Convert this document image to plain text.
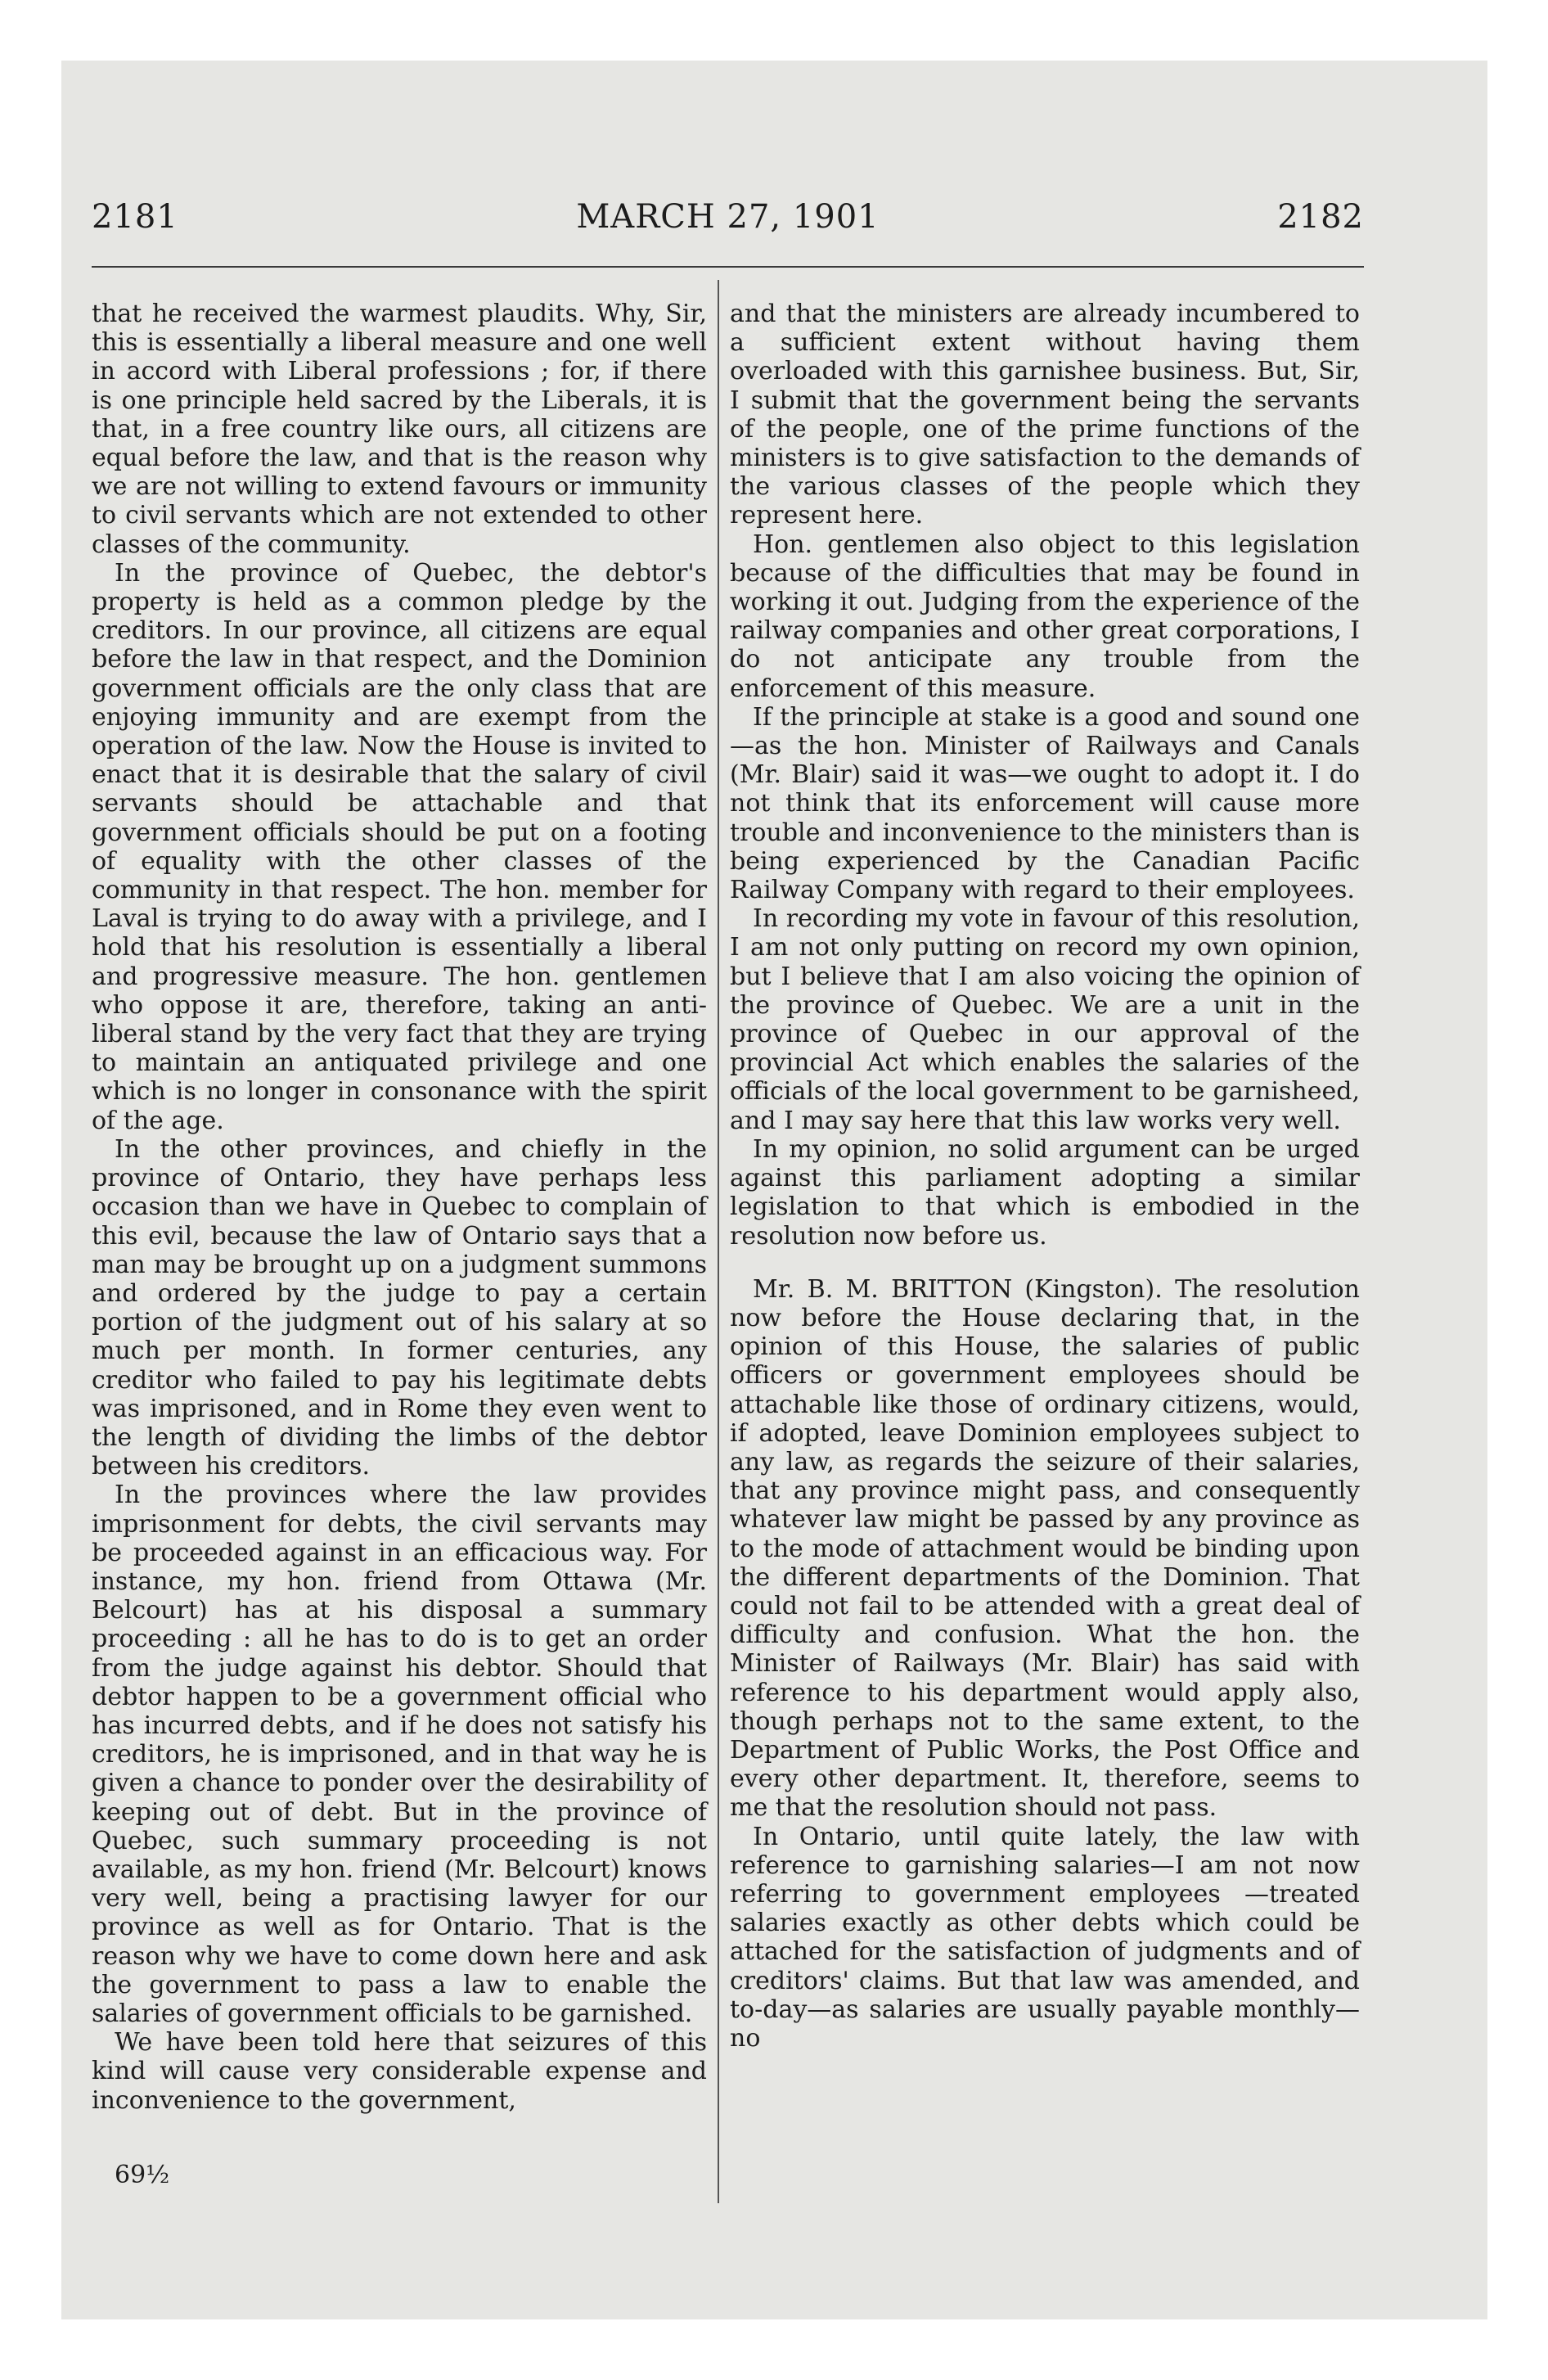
2181	MARCH 27, 1901	2182

that he received the warmest plaudits. Why, Sir, this is essentially a liberal measure and one well in accord with Liberal professions ; for, if there is one principle held sacred by the Liberals, it is that, in a free country like ours, all citizens are equal before the law, and that is the reason why we are not willing to extend favours or immunity to civil servants which are not extended to other classes of the community.

In the province of Quebec, the debtor's property is held as a common pledge by the creditors. In our province, all citizens are equal before the law in that respect, and the Dominion government officials are the only class that are enjoying immunity and are exempt from the operation of the law. Now the House is invited to enact that it is desirable that the salary of civil servants should be attachable and that government officials should be put on a footing of equality with the other classes of the community in that respect. The hon. member for Laval is trying to do away with a privilege, and I hold that his resolution is essentially a liberal and progressive measure. The hon. gentlemen who oppose it are, therefore, taking an anti-liberal stand by the very fact that they are trying to maintain an antiquated privilege and one which is no longer in consonance with the spirit of the age.

In the other provinces, and chiefly in the province of Ontario, they have perhaps less occasion than we have in Quebec to complain of this evil, because the law of Ontario says that a man may be brought up on a judgment summons and ordered by the judge to pay a certain portion of the judgment out of his salary at so much per month. In former centuries, any creditor who failed to pay his legitimate debts was imprisoned, and in Rome they even went to the length of dividing the limbs of the debtor between his creditors.

In the provinces where the law provides imprisonment for debts, the civil servants may be proceeded against in an efficacious way. For instance, my hon. friend from Ottawa (Mr. Belcourt) has at his disposal a summary proceeding : all he has to do is to get an order from the judge against his debtor. Should that debtor happen to be a government official who has incurred debts, and if he does not satisfy his creditors, he is imprisoned, and in that way he is given a chance to ponder over the desirability of keeping out of debt. But in the province of Quebec, such summary proceeding is not available, as my hon. friend (Mr. Belcourt) knows very well, being a practising lawyer for our province as well as for Ontario. That is the reason why we have to come down here and ask the government to pass a law to enable the salaries of government officials to be garnished.

We have been told here that seizures of this kind will cause very considerable expense and inconvenience to the government,

and that the ministers are already incumbered to a sufficient extent without having them overloaded with this garnishee business. But, Sir, I submit that the government being the servants of the people, one of the prime functions of the ministers is to give satisfaction to the demands of the various classes of the people which they represent here.

Hon. gentlemen also object to this legislation because of the difficulties that may be found in working it out. Judging from the experience of the railway companies and other great corporations, I do not anticipate any trouble from the enforcement of this measure.

If the principle at stake is a good and sound one—as the hon. Minister of Railways and Canals (Mr. Blair) said it was—we ought to adopt it. I do not think that its enforcement will cause more trouble and inconvenience to the ministers than is being experienced by the Canadian Pacific Railway Company with regard to their employees.

In recording my vote in favour of this resolution, I am not only putting on record my own opinion, but I believe that I am also voicing the opinion of the province of Quebec. We are a unit in the province of Quebec in our approval of the provincial Act which enables the salaries of the officials of the local government to be garnisheed, and I may say here that this law works very well.

In my opinion, no solid argument can be urged against this parliament adopting a similar legislation to that which is embodied in the resolution now before us.

Mr. B. M. BRITTON (Kingston). The resolution now before the House declaring that, in the opinion of this House, the salaries of public officers or government employees should be attachable like those of ordinary citizens, would, if adopted, leave Dominion employees subject to any law, as regards the seizure of their salaries, that any province might pass, and consequently whatever law might be passed by any province as to the mode of attachment would be binding upon the different departments of the Dominion. That could not fail to be attended with a great deal of difficulty and confusion. What the hon. the Minister of Railways (Mr. Blair) has said with reference to his department would apply also, though perhaps not to the same extent, to the Department of Public Works, the Post Office and every other department. It, therefore, seems to me that the resolution should not pass.

In Ontario, until quite lately, the law with reference to garnishing salaries—I am not now referring to government employees —treated salaries exactly as other debts which could be attached for the satisfaction of judgments and of creditors' claims. But that law was amended, and to-day—as salaries are usually payable monthly—no

69½
